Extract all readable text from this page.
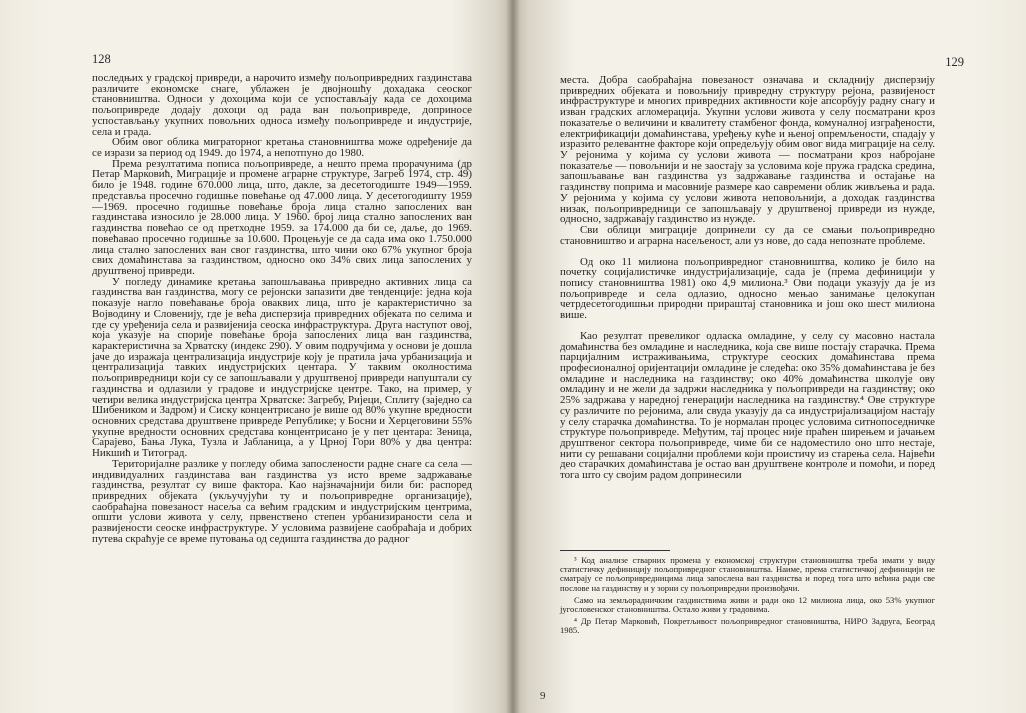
128

последњих у градској привреди, а нарочито између пољопривредних газдинстава различите економске снаге, ублажен је двојношћу дохадака сеоског становништва. Односи у дохоцима који се успостављају када се дохоцима пољопривреде додају дохоци од рада ван пољопривреде, доприносе успостављању укупних повољних односа између пољопривреде и индустрије, села и града.

Обим овог облика миграторног кретања становништва може одређеније да се изрази за период од 1949. до 1974, а непотпуно до 1980.

Према резултатима пописа пољопривреде, а нешто према прорачунима (др Петар Марковић, Миграције и промене аграрне структуре, Загреб 1974, стр. 49) било је 1948. године 670.000 лица, што, дакле, за десетогодиште 1949—1959. представља просечно годишње повећање од 47.000 лица. У десетогодишту 1959—1969. просечно годишње повећање броја лица стално запослених ван газдинстава износило је 28.000 лица. У 1960. број лица стално запослених ван газдинства повећао се од претходне 1959. за 174.000 да би се, даље, до 1969. повећавао просечно годишње за 10.600. Процењује се да сада има око 1.750.000 лица стално запослених ван свог газдинства, што чини око 67% укупног броја свих домаћинстава за газдинством, односно око 34% свих лица запослених у друштвеној привреди.

У погледу динамике кретања запошљавања привредно активних лица са газдинства ван газдинства, могу се рејонски запазити две тенденције: једна која показује нагло повећавање броја оваквих лица, што је карактеристично за Војводину и Словенију, где је већа дисперзија привредних објеката по селима и где су уређенија села и развијенија сеоска инфраструктура. Друга наступот овој, која указује на спорије повећање броја запослених лица ван газдинства, карактеристична за Хрватску (индекс 290). У овим подручјима у основи је дошла јаче до изражаја централизација индустрије коју је пратила јача урбанизација и централизација тавких индустријских центара. У таквим околностима пољопривредници који су се запошљавали у друштвеној привреди напуштали су газдинства и одлазили у градове и индустријске центре. Тако, на пример, у четири велика индустријска центра Хрватске: Загребу, Ријеци, Сплиту (заједно са Шибеником и Задром) и Сиску концентрисано је више од 80% укупне вредности основних средстава друштвене привреде Републике; у Босни и Херцеговини 55% укупне вредности основних средстава концентрисано је у пет центара: Зеница, Сарајево, Бања Лука, Тузла и Јабланица, а у Црној Гори 80% у два центра: Никшић и Титоград.

Територијалне разлике у погледу обима запослености радне снаге са села — индивидуалних газдинстава ван газдинства уз исто време задржавање газдинства, резултат су више фактора. Као најзначајнији били би: распоред привредних објеката (укључујући ту и пољопривредне организације), саобраћајна повезаност насеља са већим градским и индустријским центрима, општи услови живота у селу, првенствено степен урбанизираности села и развијености сеоске инфраструктуре. У условима развијене саобраћаја и добрих путева скраћује се време путовања од седишта газдинства до радног

129

места. Добра саобраћајна повезаност означава и складнију дисперзију привредних објеката и повољнију привредну структуру рејона, развијеност инфраструктуре и многих привредних активности које апсорбују радну снагу и изван градских агломерација. Укупни услови живота у селу посматрани кроз показатеље о величини и квалитету стамбеног фонда, комуналној изграђености, електрификацији домаћинстава, уређењу куће и њеној опремљености, спадају у изразито релевантне факторе који опредељују обим овог вида миграције на селу. У рејонима у којима су услови живота — посматрани кроз набројане показатеље — повољнији и не заостају за условима које пружа градска средина, запошљавање ван газдинства уз задржавање газдинства и остајање на газдинству поприма и масовније размере као савремени облик живљења и рада. У рејонима у којима су услови живота неповољнији, а доходак газдинства низак, пољопривредници се запошљавају у друштвеној привреди из нужде, односно, задржавају газдинство из нужде.

Сви облици миграције допринели су да се смањи пољопривредно становништво и аграрна насељеност, али уз нове, до сада непознате проблеме.

Од око 11 милиона пољопривредног становништва, колико је било на почетку социјалистичке индустријализације, сада је (према дефиницији у попису становништва 1981) око 4,9 милиона.³ Ови подаци указују да је из пољопривреде и села одлазио, односно мењао занимање целокупан четрдесетогодишњи природни прираштај становника и још око шест милиона више.

Као резултат превеликог одласка омладине, у селу су масовно настала домаћинства без омладине и наследника, која све више постају старачка. Према парцијалним истраживањима, структуре сеоских домаћинстава према професионалној оријентацији омладине је следећа: око 35% домаћинстава је без омладине и наследника на газдинству; око 40% домаћинства школује ову омладину и не жели да задржи наследника у пољопривреди на газдинству; око 25% задржава у наредној генерацији наследника на газдинству.⁴ Ове структуре су различите по рејонима, али свуда указују да са индустријализацијом настају у селу старачка домаћинства. То је нормалан процес условима ситнопоседничке структуре пољопривреде. Међутим, тај процес није праћен ширењем и јачањем друштвеног сектора пољопривреде, чиме би се надоместило оно што нестаје, нити су решавани социјални проблеми који проистичу из старења села. Највећи део старачких домаћинстава је остао ван друштвене контроле и помоћи, и поред тога што су својим радом допринесили

³ Код анализе стварних промена у економској структури становништва треба имати у виду статистичку дефиницију пољопривредног становништва. Наиме, према статистичкој дефиницији не сматрају се пољопривредницима лица запослена ван газдинства и поред тога што већина ради све послове на газдинству и у зорни су пољопривредни произвођачи.

Само на земљорадничким газдинствима живи и ради око 12 милиона лица, око 53% укупног југословенског становништва. Остало живи у градовима.

⁴ Др Петар Марковић, Покретљивост пољопривредног становништва, НИРО Задруга, Београд 1985.

9
